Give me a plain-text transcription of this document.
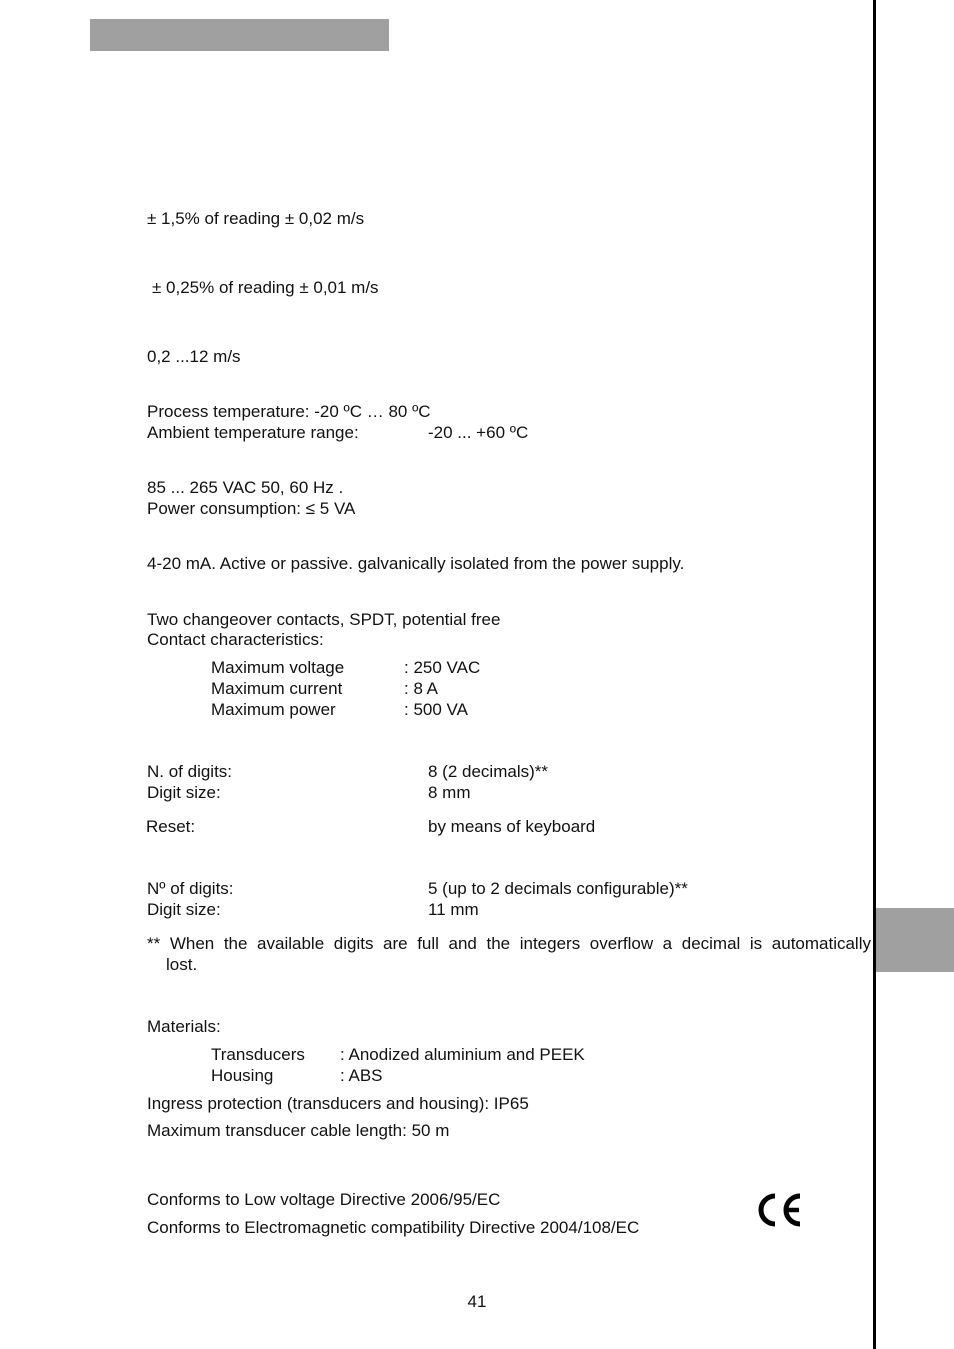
± 1,5% of reading ± 0,02 m/s
± 0,25% of reading ± 0,01 m/s
0,2 ...12 m/s
Process temperature: -20 ºC … 80 ºC
Ambient temperature range:	-20 ... +60 ºC
85 ... 265 VAC 50, 60 Hz .
Power consumption: ≤ 5 VA
4-20 mA. Active or passive. galvanically isolated from the power supply.
Two changeover contacts, SPDT, potential free
Contact characteristics:
Maximum voltage	: 250 VAC
Maximum current	: 8 A
Maximum power	: 500 VA
N. of digits:	8 (2 decimals)**
Digit size:	8 mm
Reset:	by means of keyboard
Nº of digits:	5 (up to 2 decimals configurable)**
Digit size:	11 mm
** When the available digits are full and the integers overflow a decimal is automatically
lost.
Materials:
Transducers : Anodized aluminium and PEEK
Housing	: ABS
Ingress protection (transducers and housing): IP65
Maximum transducer cable length: 50 m
Conforms to Low voltage Directive 2006/95/EC
Conforms to Electromagnetic compatibility Directive 2004/108/EC
41
